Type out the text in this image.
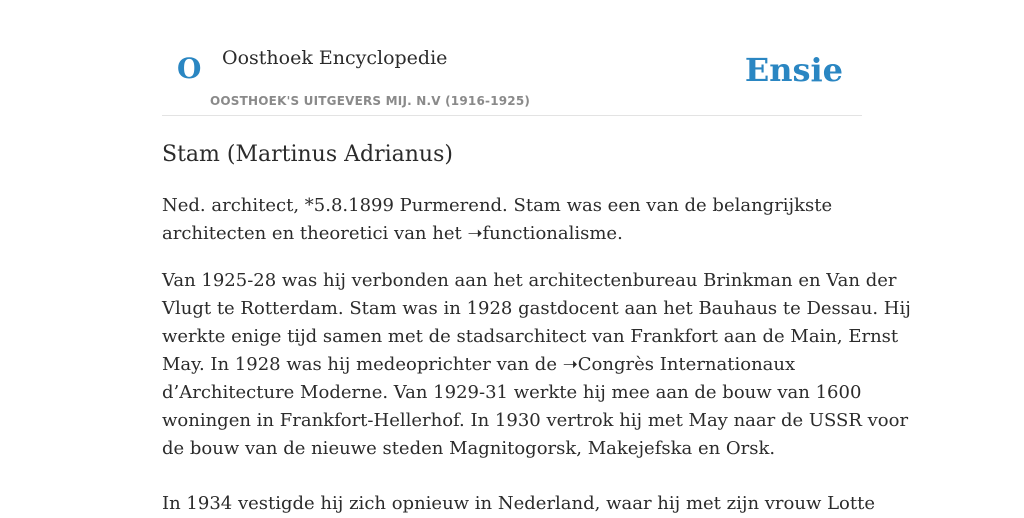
O Oosthoek Encyclopedie
OOSTHOEK'S UITGEVERS MIJ. N.V (1916-1925)
Ensie
Stam (Martinus Adrianus)

Ned. architect, *5.8.1899 Purmerend. Stam was een van de belangrijkste
architecten en theoretici van het ➝functionalisme.

Van 1925-28 was hij verbonden aan het architectenbureau Brinkman en Van der
Vlugt te Rotterdam. Stam was in 1928 gastdocent aan het Bauhaus te Dessau. Hij
werkte enige tijd samen met de stadsarchitect van Frankfort aan de Main, Ernst
May. In 1928 was hij medeoprichter van de ➝Congrès Internationaux
d’Architecture Moderne. Van 1929-31 werkte hij mee aan de bouw van 1600
woningen in Frankfort-Hellerhof. In 1930 vertrok hij met May naar de USSR voor
de bouw van de nieuwe steden Magnitogorsk, Makejefska en Orsk.

In 1934 vestigde hij zich opnieuw in Nederland, waar hij met zijn vrouw Lotte
